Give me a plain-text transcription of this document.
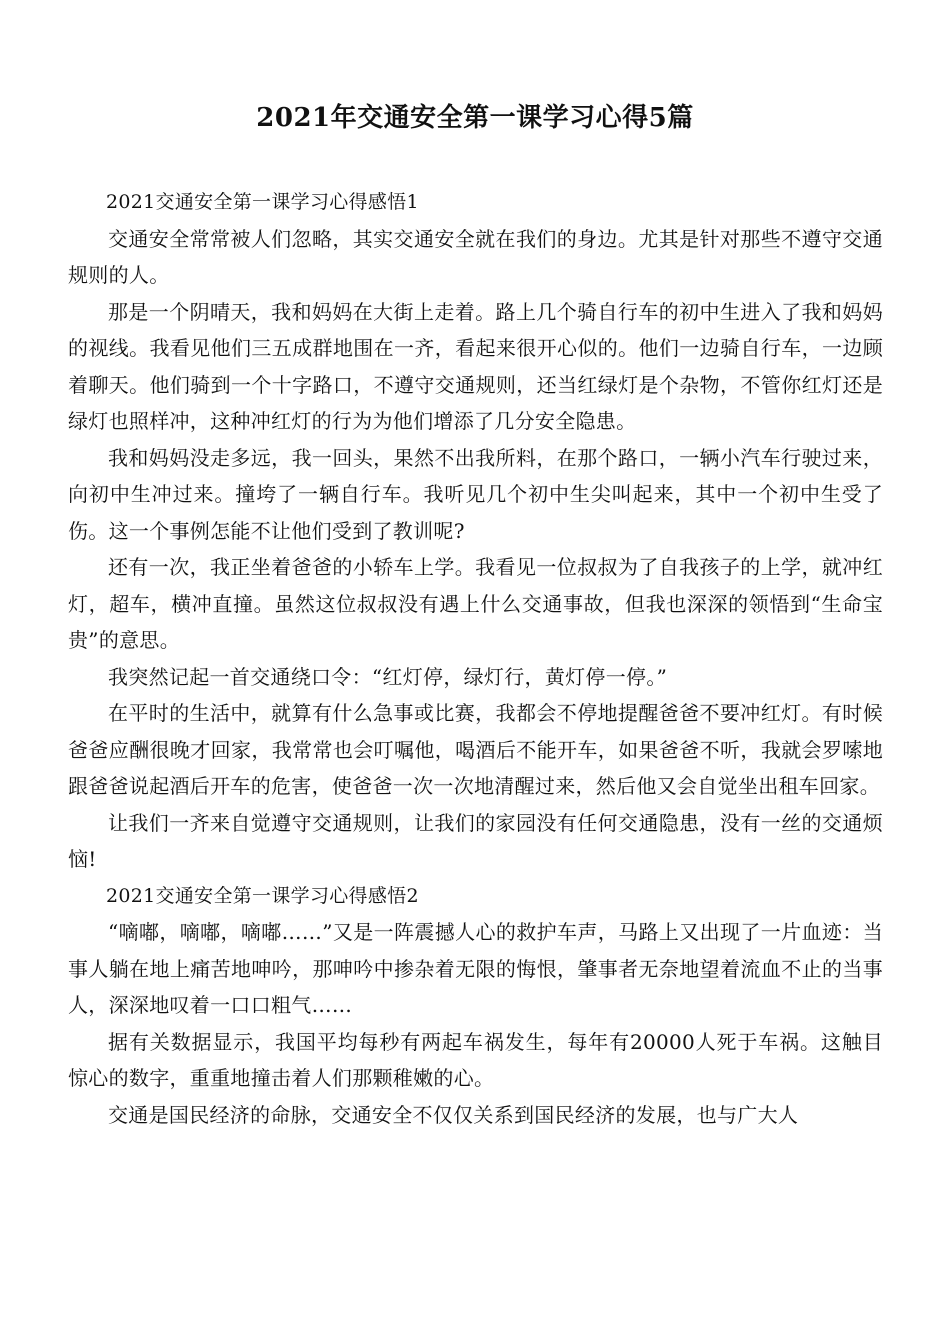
2021年交通安全第一课学习心得5篇

2021交通安全第一课学习心得感悟1

交通安全常常被人们忽略，其实交通安全就在我们的身边。尤其是针对那些不遵守交通规则的人。

那是一个阴晴天，我和妈妈在大街上走着。路上几个骑自行车的初中生进入了我和妈妈的视线。我看见他们三五成群地围在一齐，看起来很开心似的。他们一边骑自行车，一边顾着聊天。他们骑到一个十字路口，不遵守交通规则，还当红绿灯是个杂物，不管你红灯还是绿灯也照样冲，这种冲红灯的行为为他们增添了几分安全隐患。

我和妈妈没走多远，我一回头，果然不出我所料，在那个路口，一辆小汽车行驶过来，向初中生冲过来。撞垮了一辆自行车。我听见几个初中生尖叫起来，其中一个初中生受了伤。这一个事例怎能不让他们受到了教训呢?

还有一次，我正坐着爸爸的小轿车上学。我看见一位叔叔为了自我孩子的上学，就冲红灯，超车，横冲直撞。虽然这位叔叔没有遇上什么交通事故，但我也深深的领悟到“生命宝贵”的意思。

我突然记起一首交通绕口令：“红灯停，绿灯行，黄灯停一停。”

在平时的生活中，就算有什么急事或比赛，我都会不停地提醒爸爸不要冲红灯。有时候爸爸应酬很晚才回家，我常常也会叮嘱他，喝酒后不能开车，如果爸爸不听，我就会罗嗦地跟爸爸说起酒后开车的危害，使爸爸一次一次地清醒过来，然后他又会自觉坐出租车回家。

让我们一齐来自觉遵守交通规则，让我们的家园没有任何交通隐患，没有一丝的交通烦恼!

2021交通安全第一课学习心得感悟2

“嘀嘟，嘀嘟，嘀嘟……”又是一阵震撼人心的救护车声，马路上又出现了一片血迹：当事人躺在地上痛苦地呻吟，那呻吟中掺杂着无限的悔恨，肇事者无奈地望着流血不止的当事人，深深地叹着一口口粗气……

据有关数据显示，我国平均每秒有两起车祸发生，每年有20000人死于车祸。这触目惊心的数字，重重地撞击着人们那颗稚嫩的心。

交通是国民经济的命脉，交通安全不仅仅关系到国民经济的发展，也与广大人
